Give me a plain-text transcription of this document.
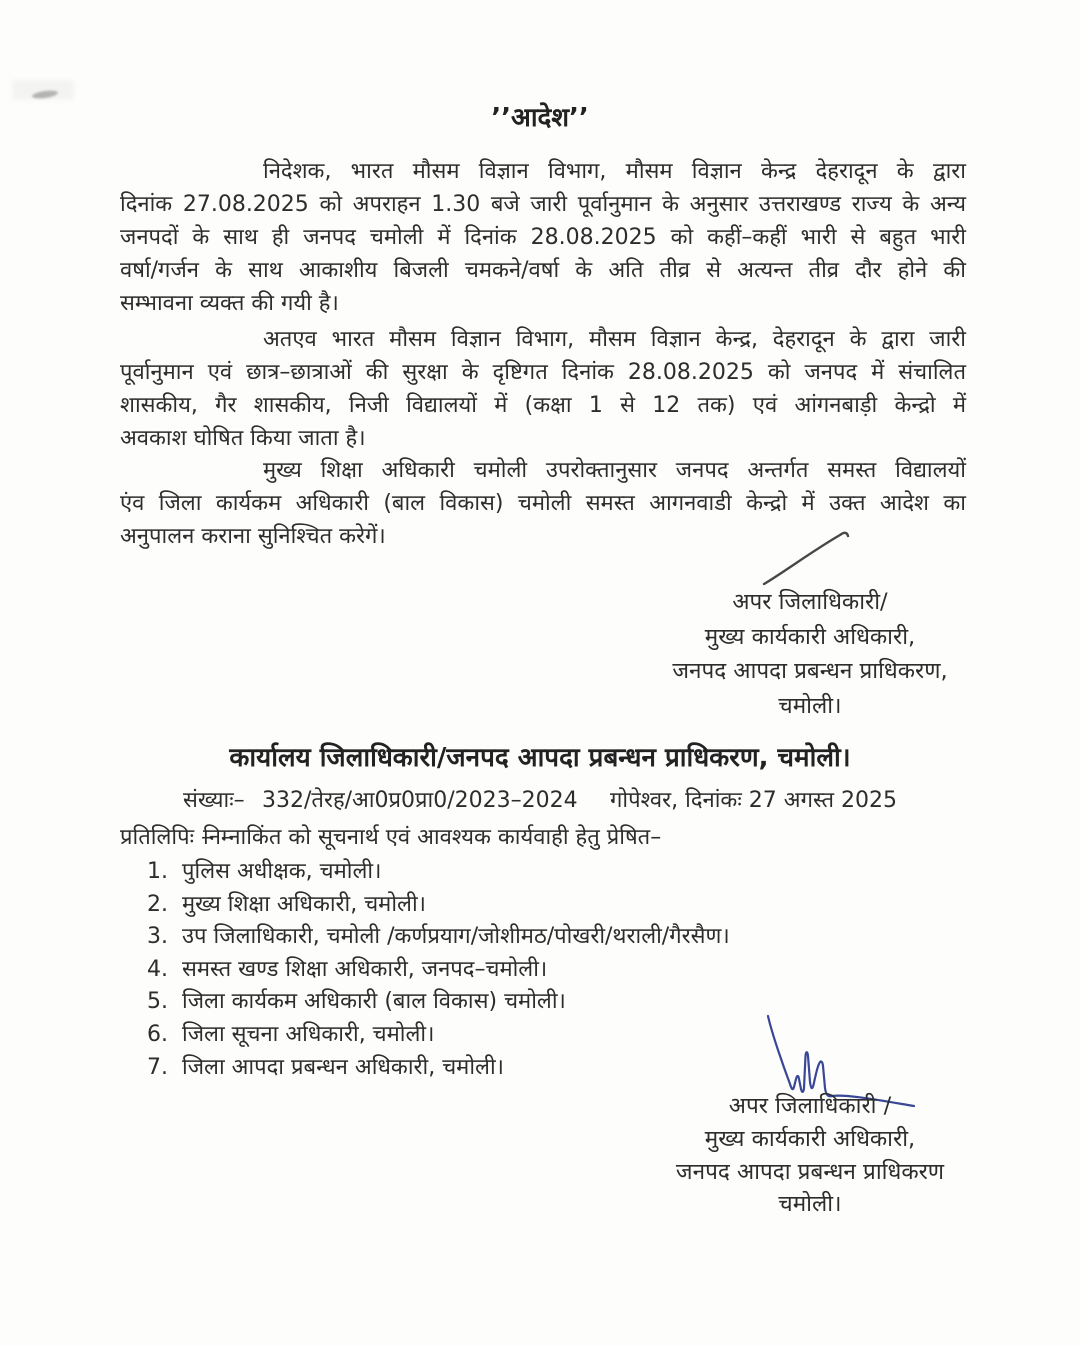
’’आदेश’’
निदेशक, भारत मौसम विज्ञान विभाग, मौसम विज्ञान केन्द्र देहरादून के द्वारा
दिनांक 27.08.2025 को अपराहन 1.30 बजे जारी पूर्वानुमान के अनुसार उत्तराखण्ड राज्य के अन्य
जनपदों के साथ ही जनपद चमोली में दिनांक 28.08.2025 को कहीं–कहीं भारी से बहुत भारी
वर्षा/गर्जन के साथ आकाशीय बिजली चमकने/वर्षा के अति तीव्र से अत्यन्त तीव्र दौर होने की
सम्भावना व्यक्त की गयी है।
अतएव भारत मौसम विज्ञान विभाग, मौसम विज्ञान केन्द्र, देहरादून के द्वारा जारी
पूर्वानुमान एवं छात्र–छात्राओं की सुरक्षा के दृष्टिगत दिनांक 28.08.2025 को जनपद में संचालित
शासकीय, गैर शासकीय, निजी विद्यालयों में (कक्षा 1 से 12 तक) एवं आंगनबाड़ी केन्द्रो में
अवकाश घोषित किया जाता है।
मुख्य शिक्षा अधिकारी चमोली उपरोक्तानुसार जनपद अन्तर्गत समस्त विद्यालयों
एंव जिला कार्यकम अधिकारी (बाल विकास) चमोली समस्त आगनवाडी केन्द्रो में उक्त आदेश का
अनुपालन कराना सुनिश्चित करेगें।
अपर जिलाधिकारी/
मुख्य कार्यकारी अधिकारी,
जनपद आपदा प्रबन्धन प्राधिकरण,
चमोली।
कार्यालय जिलाधिकारी/जनपद आपदा प्रबन्धन प्राधिकरण, चमोली।
संख्याः– 332/तेरह/आ0प्र0प्रा0/2023–2024 गोपेश्वर, दिनांकः 27 अगस्त 2025
प्रतिलिपिः –
निम्नाकिंत को सूचनार्थ एवं आवश्यक कार्यवाही हेतु प्रेषित–
1. पुलिस अधीक्षक, चमोली।
2. मुख्य शिक्षा अधिकारी, चमोली।
3. उप जिलाधिकारी, चमोली /कर्णप्रयाग/जोशीमठ/पोखरी/थराली/गैरसैण।
4. समस्त खण्ड शिक्षा अधिकारी, जनपद–चमोली।
5. जिला कार्यकम अधिकारी (बाल विकास) चमोली।
6. जिला सूचना अधिकारी, चमोली।
7. जिला आपदा प्रबन्धन अधिकारी, चमोली।
अपर जिलाधिकारी /
मुख्य कार्यकारी अधिकारी,
जनपद आपदा प्रबन्धन प्राधिकरण
चमोली।
